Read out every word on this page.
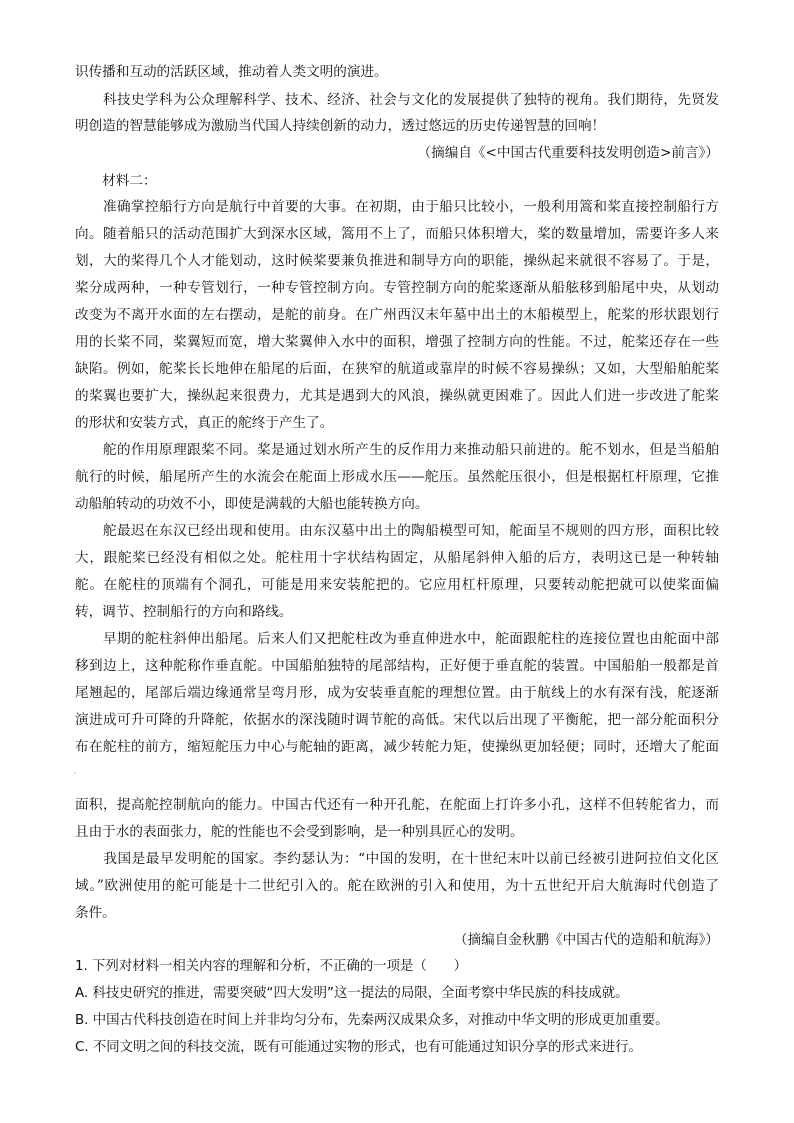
识传播和互动的活跃区域，推动着人类文明的演进。
　　科技史学科为公众理解科学、技术、经济、社会与文化的发展提供了独特的视角。我们期待，先贤发
明创造的智慧能够成为激励当代国人持续创新的动力，透过悠远的历史传递智慧的回响！
（摘编自《<中国古代重要科技发明创造>前言》）
　　材料二：
　　准确掌控船行方向是航行中首要的大事。在初期，由于船只比较小，一般利用篙和桨直接控制船行方
向。随着船只的活动范围扩大到深水区域，篙用不上了，而船只体积增大，桨的数量增加，需要许多人来
划，大的桨得几个人才能划动，这时候桨要兼负推进和制导方向的职能，操纵起来就很不容易了。于是，
桨分成两种，一种专管划行，一种专管控制方向。专管控制方向的舵桨逐渐从船舷移到船尾中央，从划动
改变为不离开水面的左右摆动，是舵的前身。在广州西汉末年墓中出土的木船模型上，舵桨的形状跟划行
用的长桨不同，桨翼短而宽，增大桨翼伸入水中的面积，增强了控制方向的性能。不过，舵桨还存在一些
缺陷。例如，舵桨长长地伸在船尾的后面，在狭窄的航道或靠岸的时候不容易操纵；又如，大型船舶舵桨
的桨翼也要扩大，操纵起来很费力，尤其是遇到大的风浪，操纵就更困难了。因此人们进一步改进了舵桨
的形状和安装方式，真正的舵终于产生了。
　　舵的作用原理跟桨不同。桨是通过划水所产生的反作用力来推动船只前进的。舵不划水，但是当船舶
航行的时候，船尾所产生的水流会在舵面上形成水压——舵压。虽然舵压很小，但是根据杠杆原理，它推
动船舶转动的功效不小，即使是满载的大船也能转换方向。
　　舵最迟在东汉已经出现和使用。由东汉墓中出土的陶船模型可知，舵面呈不规则的四方形，面积比较
大，跟舵桨已经没有相似之处。舵柱用十字状结构固定，从船尾斜伸入船的后方，表明这已是一种转轴
舵。在舵柱的顶端有个洞孔，可能是用来安装舵把的。它应用杠杆原理，只要转动舵把就可以使桨面偏
转，调节、控制船行的方向和路线。
　　早期的舵柱斜伸出船尾。后来人们又把舵柱改为垂直伸进水中，舵面跟舵柱的连接位置也由舵面中部
移到边上，这种舵称作垂直舵。中国船舶独特的尾部结构，正好便于垂直舵的装置。中国船舶一般都是首
尾翘起的，尾部后端边缘通常呈弯月形，成为安装垂直舵的理想位置。由于航线上的水有深有浅，舵逐渐
演进成可升可降的升降舵，依据水的深浅随时调节舵的高低。宋代以后出现了平衡舵，把一部分舵面积分
布在舵柱的前方，缩短舵压力中心与舵轴的距离，减少转舵力矩，使操纵更加轻便；同时，还增大了舵面
面积，提高舵控制航向的能力。中国古代还有一种开孔舵，在舵面上打许多小孔，这样不但转舵省力，而
且由于水的表面张力，舵的性能也不会受到影响，是一种别具匠心的发明。
　　我国是最早发明舵的国家。李约瑟认为：“中国的发明，在十世纪末叶以前已经被引进阿拉伯文化区
域。”欧洲使用的舵可能是十二世纪引入的。舵在欧洲的引入和使用，为十五世纪开启大航海时代创造了
条件。
（摘编自金秋鹏《中国古代的造船和航海》）
1. 下列对材料一相关内容的理解和分析，不正确的一项是（　　）
A. 科技史研究的推进，需要突破“四大发明”这一提法的局限，全面考察中华民族的科技成就。
B. 中国古代科技创造在时间上并非均匀分布，先秦两汉成果众多，对推动中华文明的形成更加重要。
C. 不同文明之间的科技交流，既有可能通过实物的形式，也有可能通过知识分享的形式来进行。
